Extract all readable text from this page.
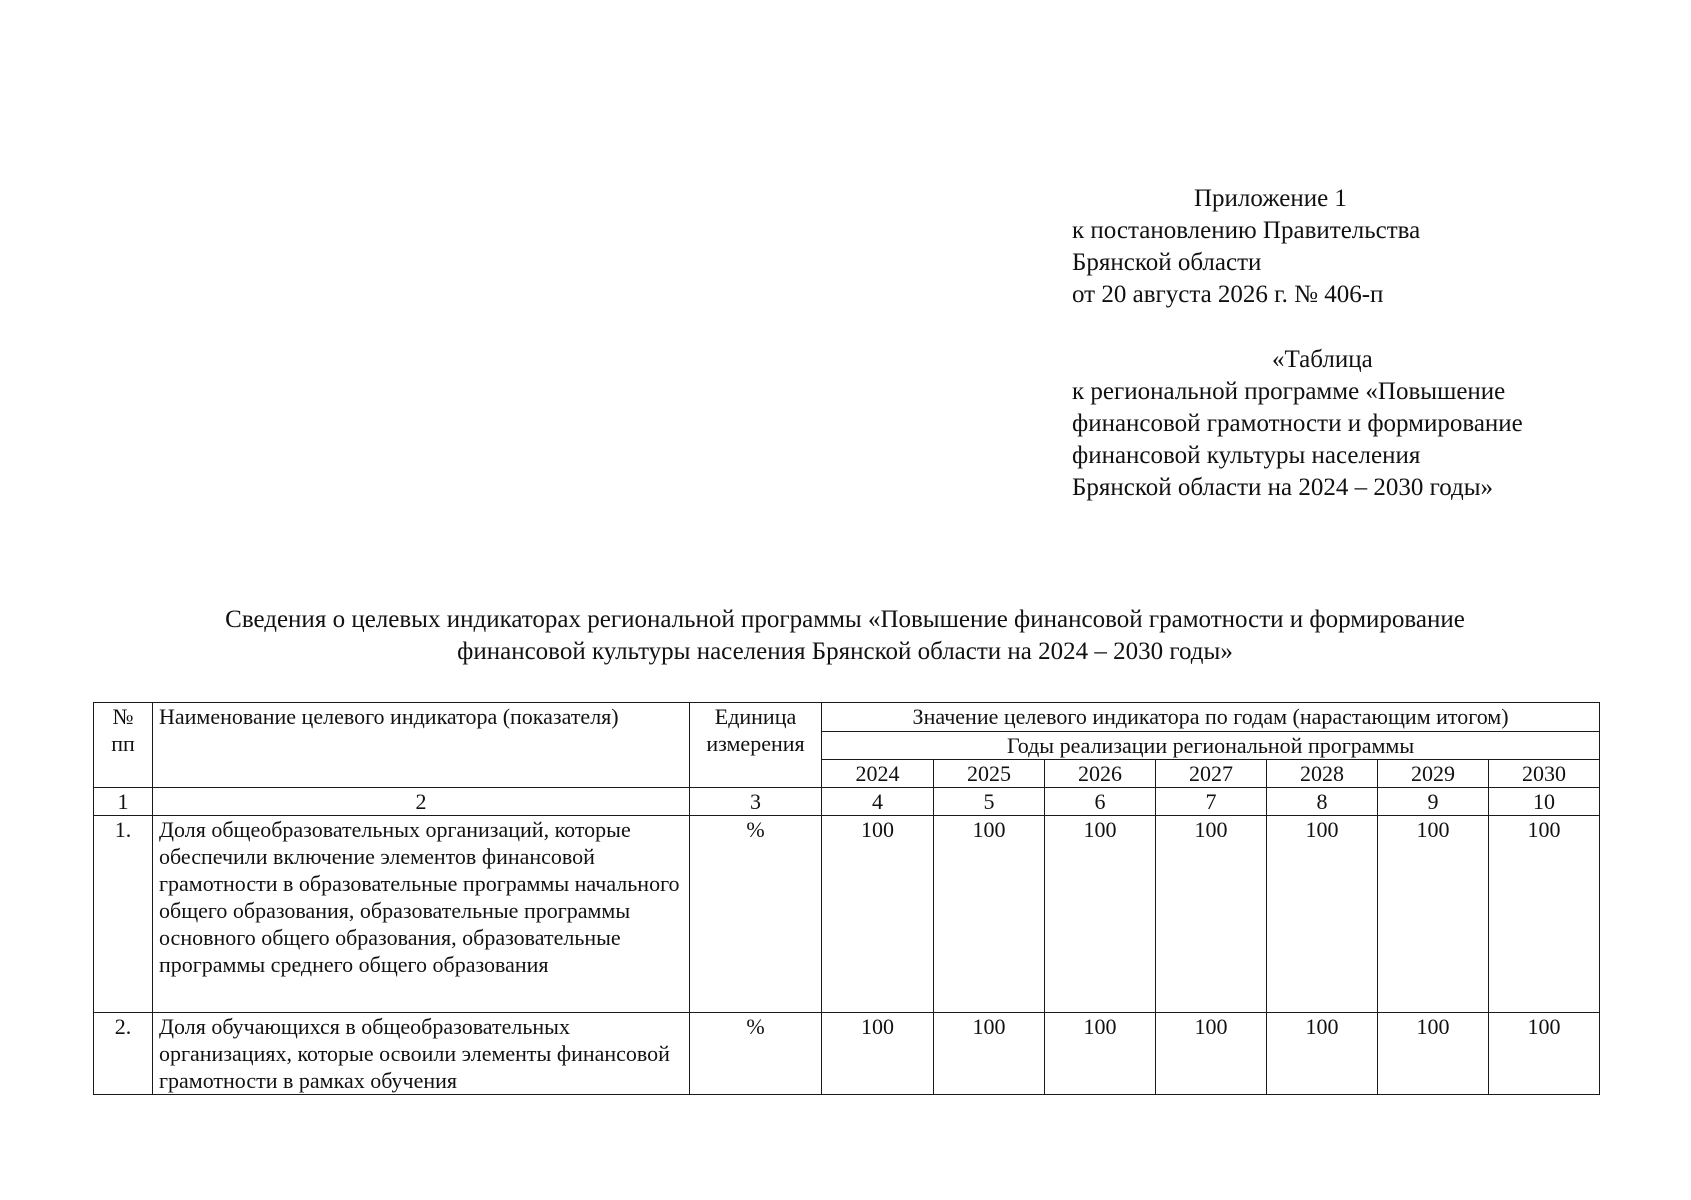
Приложение 1
к постановлению Правительства
Брянской области
от 20 августа 2026 г. № 406-п
«Таблица
к региональной программе «Повышение
финансовой грамотности и формирование
финансовой культуры населения
Брянской области на 2024 – 2030 годы»
Сведения о целевых индикаторах региональной программы «Повышение финансовой грамотности и формирование
финансовой культуры населения Брянской области на 2024 – 2030 годы»
№ пп	Наименование целевого индикатора (показателя)	Единица измерения	Значение целевого индикатора по годам (нарастающим итогом)						
			Годы реализации региональной программы						
			2024	2025	2026	2027	2028	2029	2030
1	2	3	4	5	6	7	8	9	10
1.	Доля общеобразовательных организаций, которые обеспечили включение элементов финансовой грамотности в образовательные программы начального общего образования, образовательные программы основного общего образования, образовательные программы среднего общего образования	%	100	100	100	100	100	100	100
2.	Доля обучающихся в общеобразовательных организациях, которые освоили элементы финансовой грамотности в рамках обучения	%	100	100	100	100	100	100	100
